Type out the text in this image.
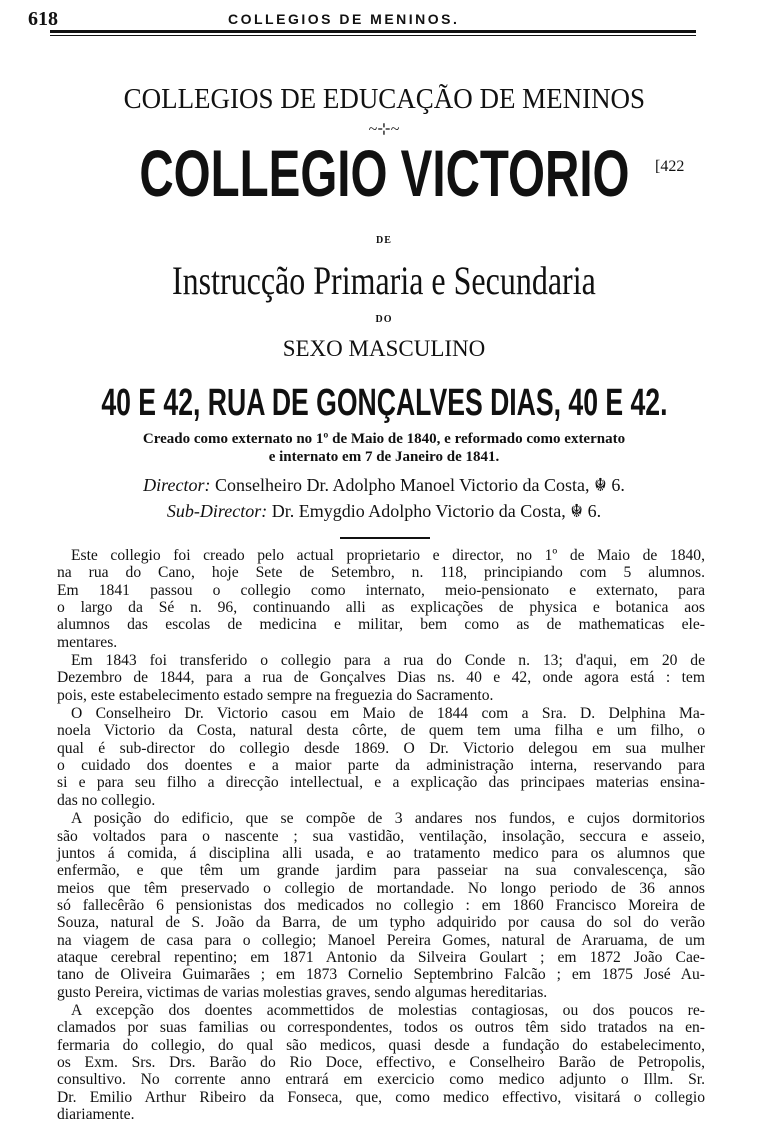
618	COLLEGIOS DE MENINOS.
COLLEGIOS DE EDUCAÇÃO DE MENINOS
~⊹~
COLLEGIO VICTORIO [422
DE
Instrucção Primaria e Secundaria
DO
SEXO MASCULINO
40 E 42, RUA DE GONÇALVES DIAS, 40 E 42.
Creado como externato no 1º de Maio de 1840, e reformado como externato
e internato em 7 de Janeiro de 1841.
Director: Conselheiro Dr. Adolpho Manoel Victorio da Costa, ☬ 6.
Sub-Director: Dr. Emygdio Adolpho Victorio da Costa, ☬ 6.
Este collegio foi creado pelo actual proprietario e director, no 1º de Maio de 1840,
na rua do Cano, hoje Sete de Setembro, n. 118, principiando com 5 alumnos.
Em 1841 passou o collegio como internato, meio-pensionato e externato, para
o largo da Sé n. 96, continuando alli as explicações de physica e botanica aos
alumnos das escolas de medicina e militar, bem como as de mathematicas ele-
mentares.
Em 1843 foi transferido o collegio para a rua do Conde n. 13; d'aqui, em 20 de
Dezembro de 1844, para a rua de Gonçalves Dias ns. 40 e 42, onde agora está : tem
pois, este estabelecimento estado sempre na freguezia do Sacramento.
O Conselheiro Dr. Victorio casou em Maio de 1844 com a Sra. D. Delphina Ma-
noela Victorio da Costa, natural desta côrte, de quem tem uma filha e um filho, o
qual é sub-director do collegio desde 1869. O Dr. Victorio delegou em sua mulher
o cuidado dos doentes e a maior parte da administração interna, reservando para
si e para seu filho a direcção intellectual, e a explicação das principaes materias ensina-
das no collegio.
A posição do edificio, que se compõe de 3 andares nos fundos, e cujos dormitorios
são voltados para o nascente ; sua vastidão, ventilação, insolação, seccura e asseio,
juntos á comida, á disciplina alli usada, e ao tratamento medico para os alumnos que
enfermão, e que têm um grande jardim para passeiar na sua convalescença, são
meios que têm preservado o collegio de mortandade. No longo periodo de 36 annos
só fallecêrão 6 pensionistas dos medicados no collegio : em 1860 Francisco Moreira de
Souza, natural de S. João da Barra, de um typho adquirido por causa do sol do verão
na viagem de casa para o collegio; Manoel Pereira Gomes, natural de Araruama, de um
ataque cerebral repentino; em 1871 Antonio da Silveira Goulart ; em 1872 João Cae-
tano de Oliveira Guimarães ; em 1873 Cornelio Septembrino Falcão ; em 1875 José Au-
gusto Pereira, victimas de varias molestias graves, sendo algumas hereditarias.
A excepção dos doentes acommettidos de molestias contagiosas, ou dos poucos re-
clamados por suas familias ou correspondentes, todos os outros têm sido tratados na en-
fermaria do collegio, do qual são medicos, quasi desde a fundação do estabelecimento,
os Exm. Srs. Drs. Barão do Rio Doce, effectivo, e Conselheiro Barão de Petropolis,
consultivo. No corrente anno entrará em exercicio como medico adjunto o Illm. Sr.
Dr. Emilio Arthur Ribeiro da Fonseca, que, como medico effectivo, visitará o collegio
diariamente.
